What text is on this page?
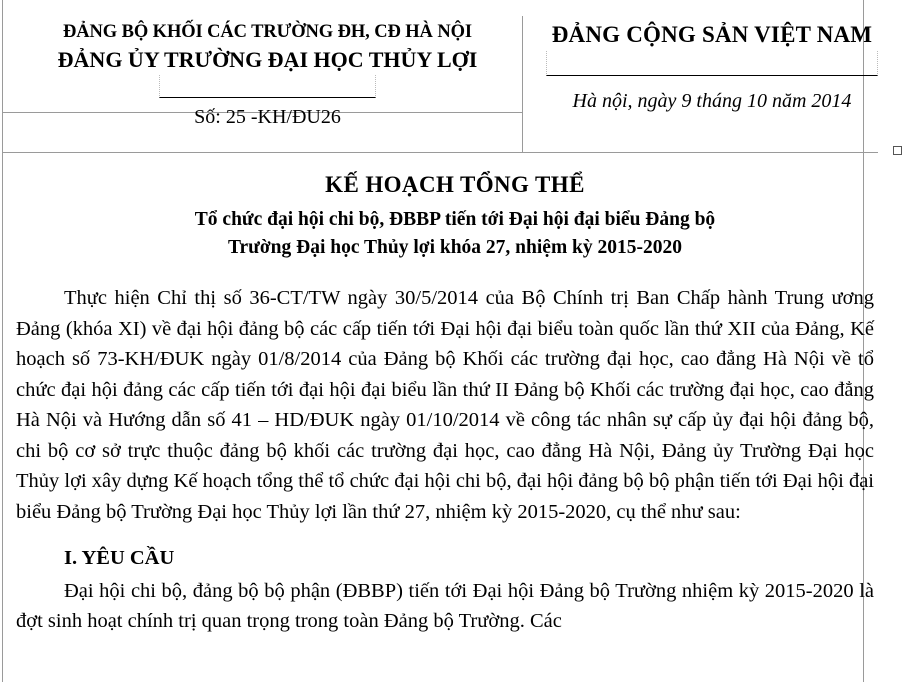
ĐẢNG BỘ KHỐI CÁC TRƯỜNG ĐH, CĐ HÀ NỘI
ĐẢNG ỦY TRƯỜNG ĐẠI HỌC THỦY LỢI
Số: 25 -KH/ĐU26
ĐẢNG CỘNG SẢN VIỆT NAM
Hà nội, ngày 9 tháng 10 năm 2014
KẾ HOẠCH TỔNG THỂ
Tổ chức đại hội chi bộ, ĐBBP tiến tới Đại hội đại biểu Đảng bộ
Trường Đại học Thủy lợi khóa 27, nhiệm kỳ 2015-2020

Thực hiện Chỉ thị số 36-CT/TW ngày 30/5/2014 của Bộ Chính trị Ban Chấp hành Trung ương Đảng (khóa XI) về đại hội đảng bộ các cấp tiến tới Đại hội đại biểu toàn quốc lần thứ XII của Đảng, Kế hoạch số 73-KH/ĐUK ngày 01/8/2014 của Đảng bộ Khối các trường đại học, cao đẳng Hà Nội về tổ chức đại hội đảng các cấp tiến tới đại hội đại biểu lần thứ II Đảng bộ Khối các trường đại học, cao đẳng Hà Nội và Hướng dẫn số 41 – HD/ĐUK ngày 01/10/2014 về công tác nhân sự cấp ủy đại hội đảng bộ, chi bộ cơ sở trực thuộc đảng bộ khối các trường đại học, cao đẳng Hà Nội, Đảng ủy Trường Đại học Thủy lợi xây dựng Kế hoạch tổng thể tổ chức đại hội chi bộ, đại hội đảng bộ bộ phận tiến tới Đại hội đại biểu Đảng bộ Trường Đại học Thủy lợi lần thứ 27, nhiệm kỳ 2015-2020, cụ thể như sau:

I. YÊU CẦU

Đại hội chi bộ, đảng bộ bộ phận (ĐBBP) tiến tới Đại hội Đảng bộ Trường nhiệm kỳ 2015-2020 là đợt sinh hoạt chính trị quan trọng trong toàn Đảng bộ Trường. Các
